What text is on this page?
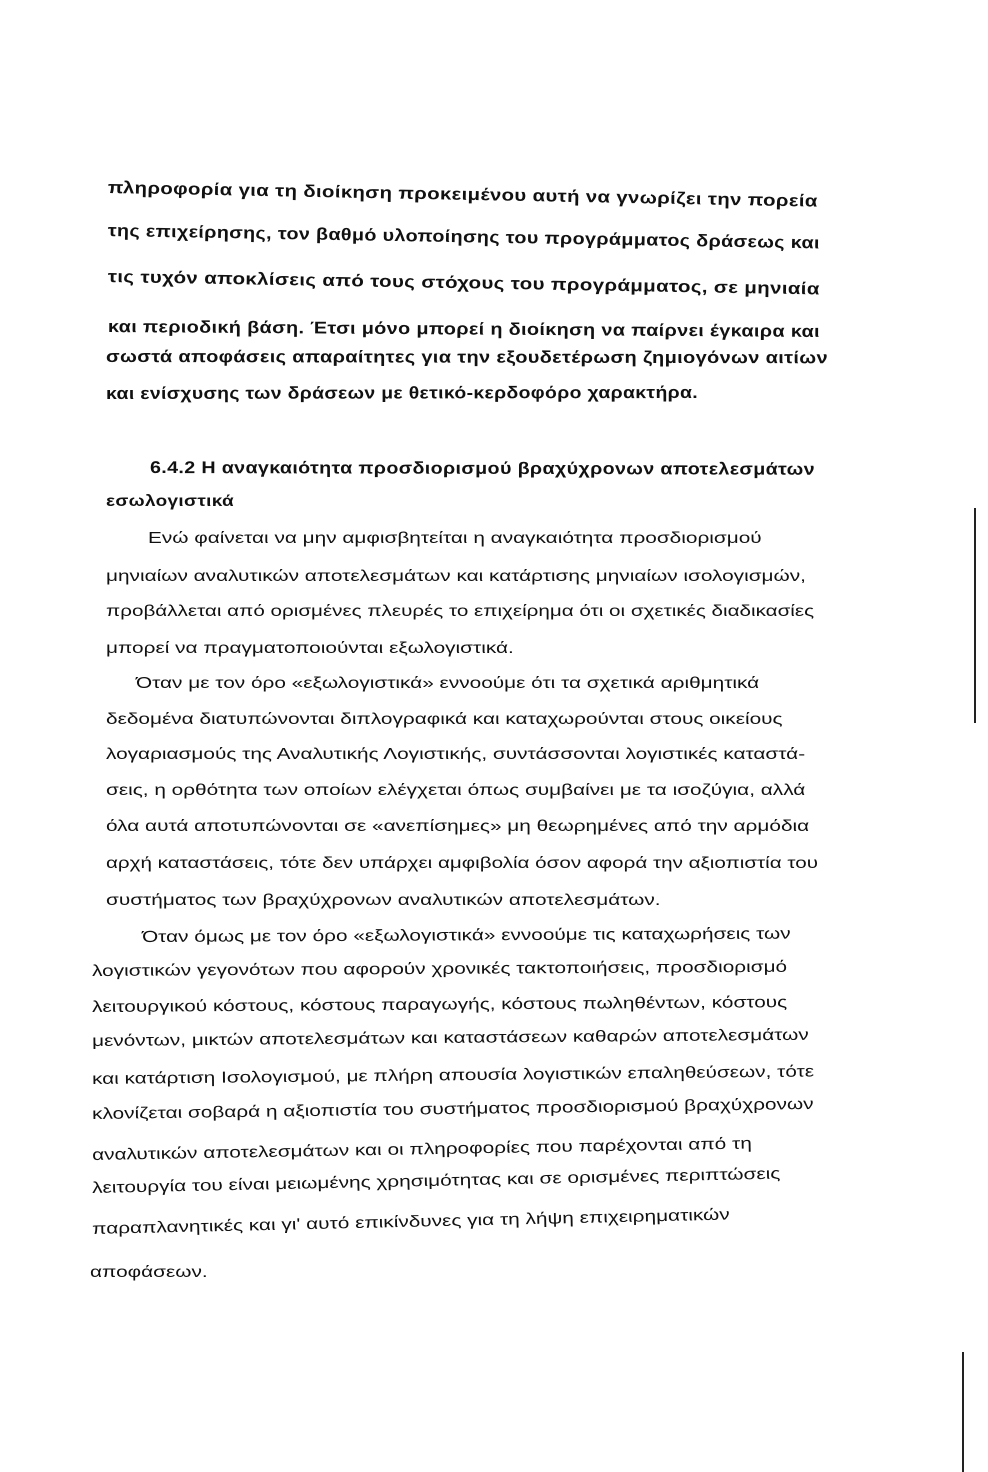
πληροφορία για τη διοίκηση προκειμένου αυτή να γνωρίζει την πορεία
της επιχείρησης, τον βαθμό υλοποίησης του προγράμματος δράσεως και
τις τυχόν αποκλίσεις από τους στόχους του προγράμματος, σε μηνιαία
και περιοδική βάση. Έτσι μόνο μπορεί η διοίκηση να παίρνει έγκαιρα και
σωστά αποφάσεις απαραίτητες για την εξουδετέρωση ζημιογόνων αιτίων
και ενίσχυσης των δράσεων με θετικό-κερδοφόρο χαρακτήρα.
6.4.2 Η αναγκαιότητα προσδιορισμού βραχύχρονων αποτελεσμάτων
εσωλογιστικά
Ενώ φαίνεται να μην αμφισβητείται η αναγκαιότητα προσδιορισμού
μηνιαίων αναλυτικών αποτελεσμάτων και κατάρτισης μηνιαίων ισολογισμών,
προβάλλεται από ορισμένες πλευρές το επιχείρημα ότι οι σχετικές διαδικασίες
μπορεί να πραγματοποιούνται εξωλογιστικά.
Όταν με τον όρο «εξωλογιστικά» εννοούμε ότι τα σχετικά αριθμητικά
δεδομένα διατυπώνονται διπλογραφικά και καταχωρούνται στους οικείους
λογαριασμούς της Αναλυτικής Λογιστικής, συντάσσονται λογιστικές καταστά-
σεις, η ορθότητα των οποίων ελέγχεται όπως συμβαίνει με τα ισοζύγια, αλλά
όλα αυτά αποτυπώνονται σε «ανεπίσημες» μη θεωρημένες από την αρμόδια
αρχή καταστάσεις, τότε δεν υπάρχει αμφιβολία όσον αφορά την αξιοπιστία του
συστήματος των βραχύχρονων αναλυτικών αποτελεσμάτων.
Όταν όμως με τον όρο «εξωλογιστικά» εννοούμε τις καταχωρήσεις των
λογιστικών γεγονότων που αφορούν χρονικές τακτοποιήσεις, προσδιορισμό
λειτουργικού κόστους, κόστους παραγωγής, κόστους πωληθέντων, κόστους
μενόντων, μικτών αποτελεσμάτων και καταστάσεων καθαρών αποτελεσμάτων
και κατάρτιση Ισολογισμού, με πλήρη απουσία λογιστικών επαληθεύσεων, τότε
κλονίζεται σοβαρά η αξιοπιστία του συστήματος προσδιορισμού βραχύχρονων
αναλυτικών αποτελεσμάτων και οι πληροφορίες που παρέχονται από τη
λειτουργία του είναι μειωμένης χρησιμότητας και σε ορισμένες περιπτώσεις
παραπλανητικές και γι' αυτό επικίνδυνες για τη λήψη επιχειρηματικών
αποφάσεων.
